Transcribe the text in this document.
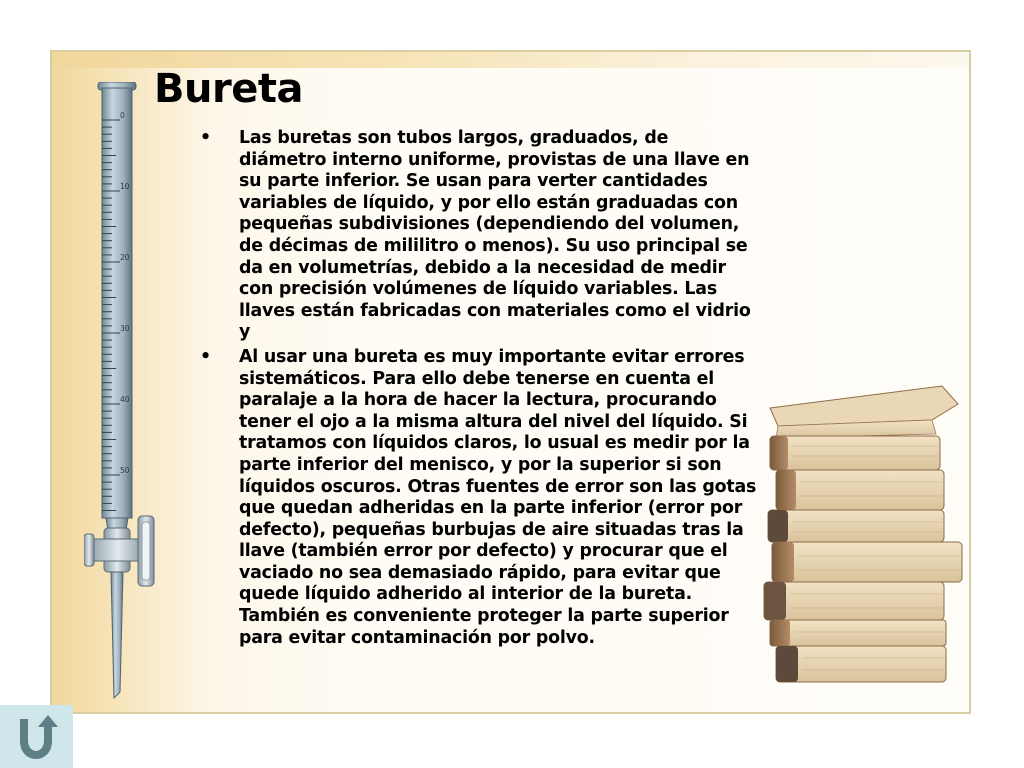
Bureta
• Las buretas son tubos largos, graduados, de diámetro interno uniforme, provistas de una llave en su parte inferior. Se usan para verter cantidades variables de líquido, y por ello están graduadas con pequeñas subdivisiones (dependiendo del volumen, de décimas de mililitro o menos). Su uso principal se da en volumetrías, debido a la necesidad de medir con precisión volúmenes de líquido variables. Las llaves están fabricadas con materiales como el vidrio y
• Al usar una bureta es muy importante evitar errores sistemáticos. Para ello debe tenerse en cuenta el paralaje a la hora de hacer la lectura, procurando tener el ojo a la misma altura del nivel del líquido. Si tratamos con líquidos claros, lo usual es medir por la parte inferior del menisco, y por la superior si son líquidos oscuros. Otras fuentes de error son las gotas que quedan adheridas en la parte inferior (error por defecto), pequeñas burbujas de aire situadas tras la llave (también error por defecto) y procurar que el vaciado no sea demasiado rápido, para evitar que quede líquido adherido al interior de la bureta. También es conveniente proteger la parte superior para evitar contaminación por polvo.
0
10
20
30
40
50
